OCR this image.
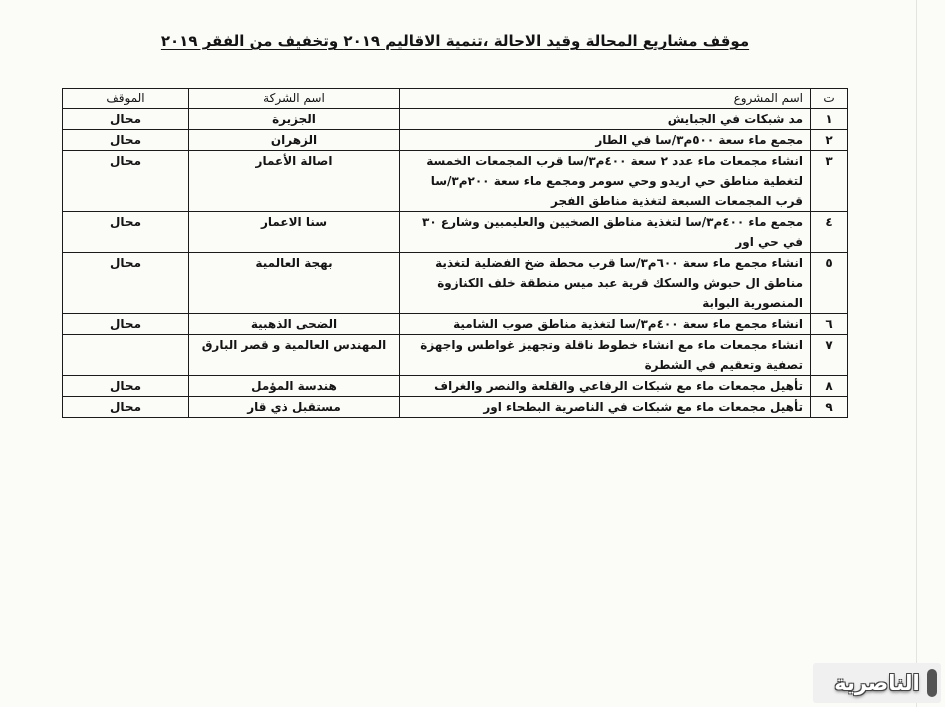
موقف مشاريع المحالة وقيد الاحالة ،تنمية الاقاليم ٢٠١٩ وتخفيف من الفقر ٢٠١٩
ت	اسم المشروع	اسم الشركة	الموقف
١	مد شبكات في الجبايش	الجزيرة	محال
٢	مجمع ماء سعة ٥٠٠م٣/سا في الطار	الزهران	محال
٣	انشاء مجمعات ماء عدد ٢ سعة ٤٠٠م٣/سا قرب المجمعات الخمسة لتغطية مناطق حي اريدو وحي سومر ومجمع ماء سعة ٢٠٠م٣/سا قرب المجمعات السبعة لتغذية مناطق الفجر	اصالة الأعمار	محال
٤	مجمع ماء ٤٠٠م٣/سا لتغذية مناطق الصخيين والعليمبين وشارع ٣٠ في حي اور	سنا الاعمار	محال
٥	انشاء مجمع ماء سعة ٦٠٠م٣/سا قرب محطة ضخ الفضلية لتغذية مناطق ال حبوش والسكك قرية عبد ميس منطقة خلف الكنازوة المنصورية البوابة	بهجة العالمية	محال
٦	انشاء مجمع ماء سعة ٤٠٠م٣/سا لتغذية مناطق صوب الشامية	الضحى الذهبية	محال
٧	انشاء مجمعات ماء مع انشاء خطوط ناقلة وتجهيز غواطس واجهزة تصفية وتعقيم في الشطرة	المهندس العالمية و قصر البارق	
٨	تأهيل مجمعات ماء مع شبكات الرفاعي والقلعة والنصر والغراف	هندسة المؤمل	محال
٩	تأهيل مجمعات ماء مع شبكات في الناصرية البطحاء اور	مستقبل ذي قار	محال
الناصرية
